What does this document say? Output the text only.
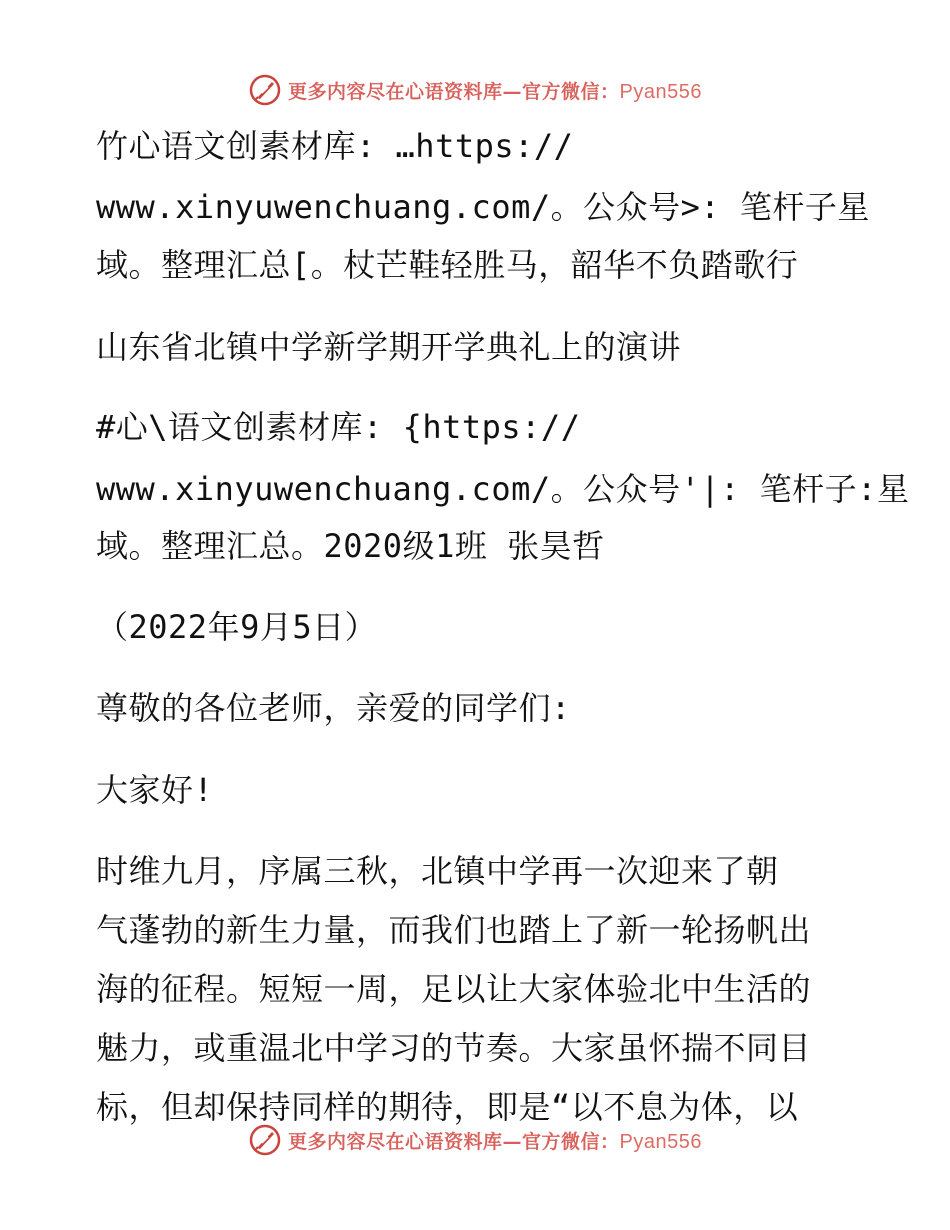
更多内容尽在心语资料库—官方微信：Pyan556
竹心语文创素材库: …https://
www.xinyuwenchuang.com/。公众号>: 笔杆子星
域。整理汇总[。杖芒鞋轻胜马，韶华不负踏歌行
山东省北镇中学新学期开学典礼上的演讲
#心\语文创素材库: {https://
www.xinyuwenchuang.com/。公众号'|: 笔杆子:星
域。整理汇总。2020级1班 张昊哲
（2022年9月5日）
尊敬的各位老师，亲爱的同学们:
大家好!
时维九月，序属三秋，北镇中学再一次迎来了朝
气蓬勃的新生力量，而我们也踏上了新一轮扬帆出
海的征程。短短一周，足以让大家体验北中生活的
魅力，或重温北中学习的节奏。大家虽怀揣不同目
标，但却保持同样的期待，即是“以不息为体，以
更多内容尽在心语资料库—官方微信：Pyan556
